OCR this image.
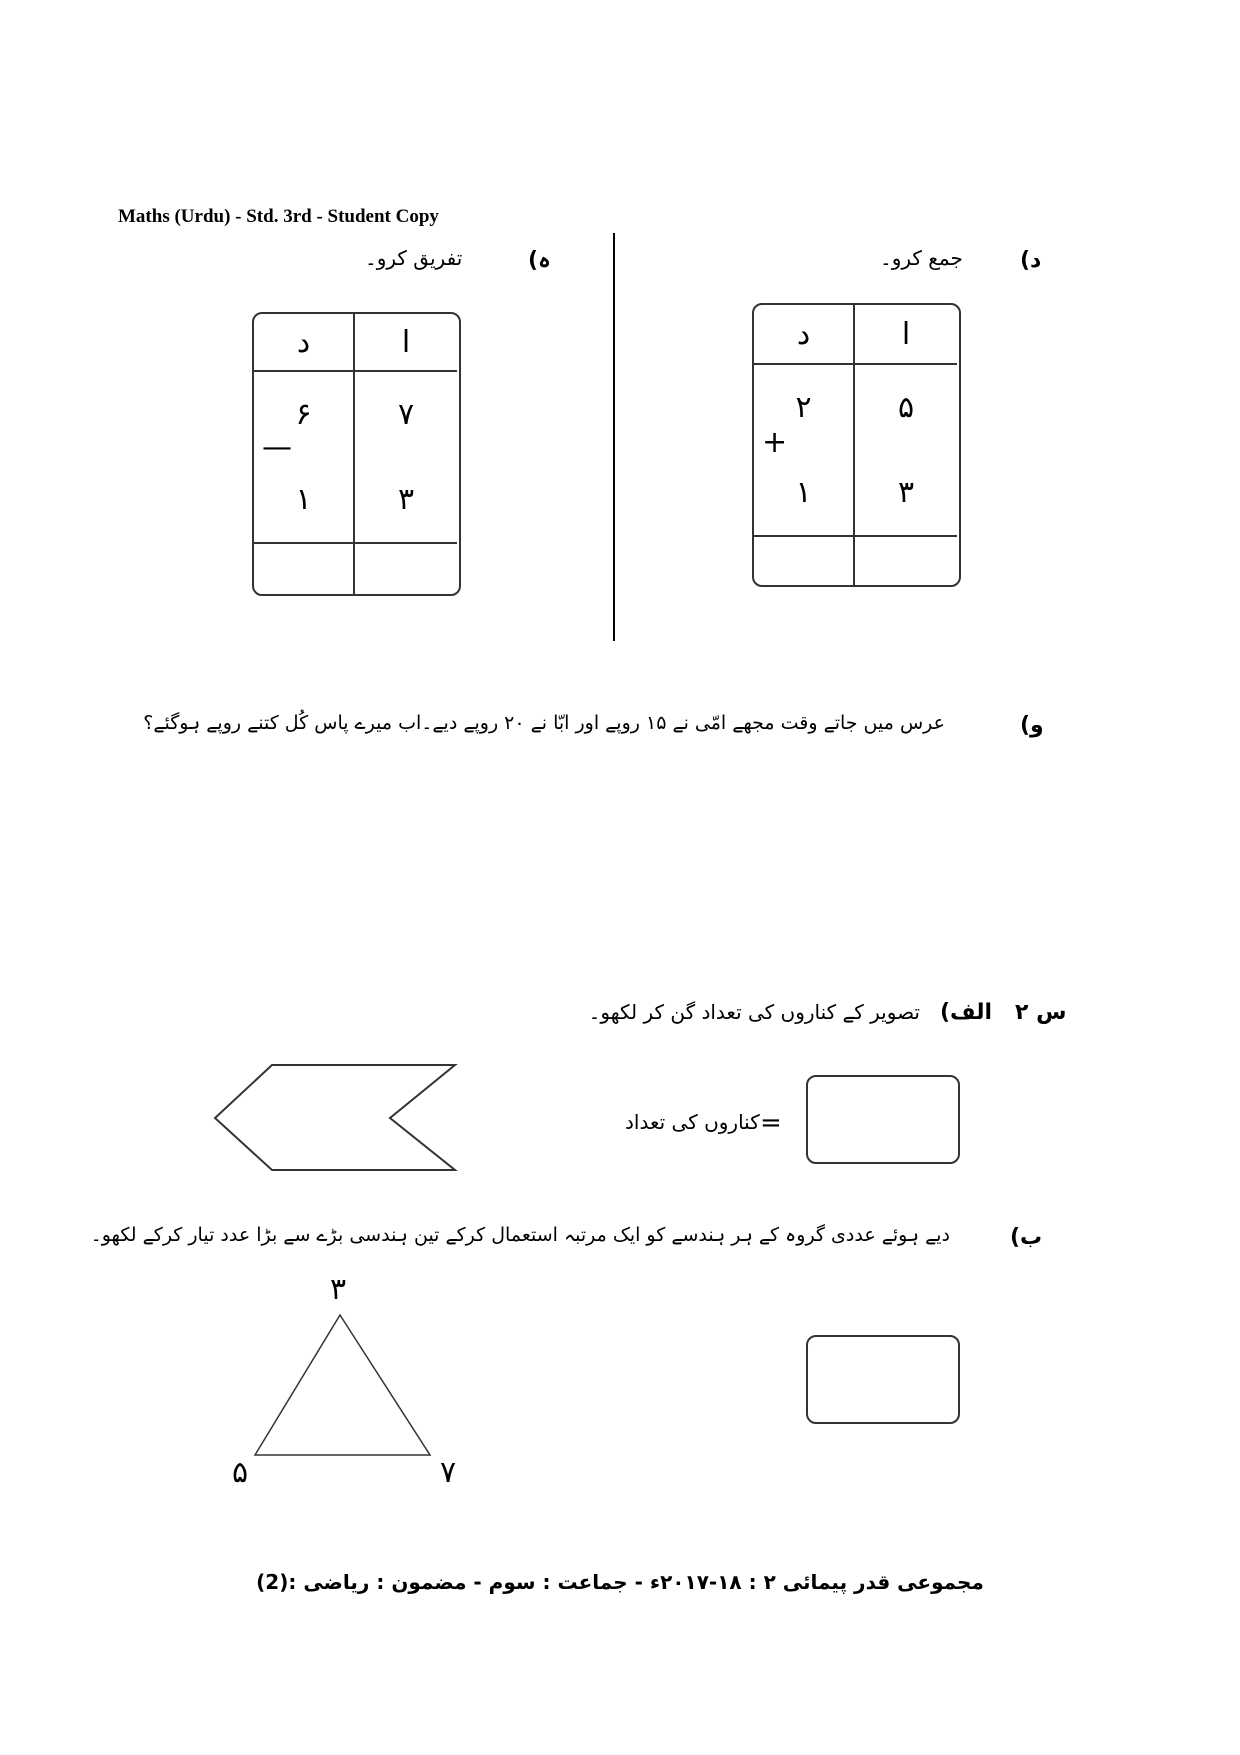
Maths (Urdu) - Std. 3rd - Student Copy
د)
جمع کرو۔
د	ا
۲	۵
۱	۳
+
ہ)
تفریق کرو۔
د	ا
۶	۷
۱	۳
—
و)
عرس میں جاتے وقت مجھے امّی نے ۱۵ روپے اور ابّا نے ۲۰ روپے دیے۔اب میرے پاس کُل کتنے روپے ہوگئے؟
س ۲
الف)
تصویر کے کناروں کی تعداد گن کر لکھو۔
کناروں کی تعداد =
ب)
دیے ہوئے عددی گروہ کے ہر ہندسے کو ایک مرتبہ استعمال کرکے تین ہندسی بڑے سے بڑا عدد تیار کرکے لکھو۔
۳
۵	۷
مجموعی قدر پیمائی ۲ : ۱۸-۲۰۱۷ء - جماعت : سوم - مضمون : ریاضی :(2)
